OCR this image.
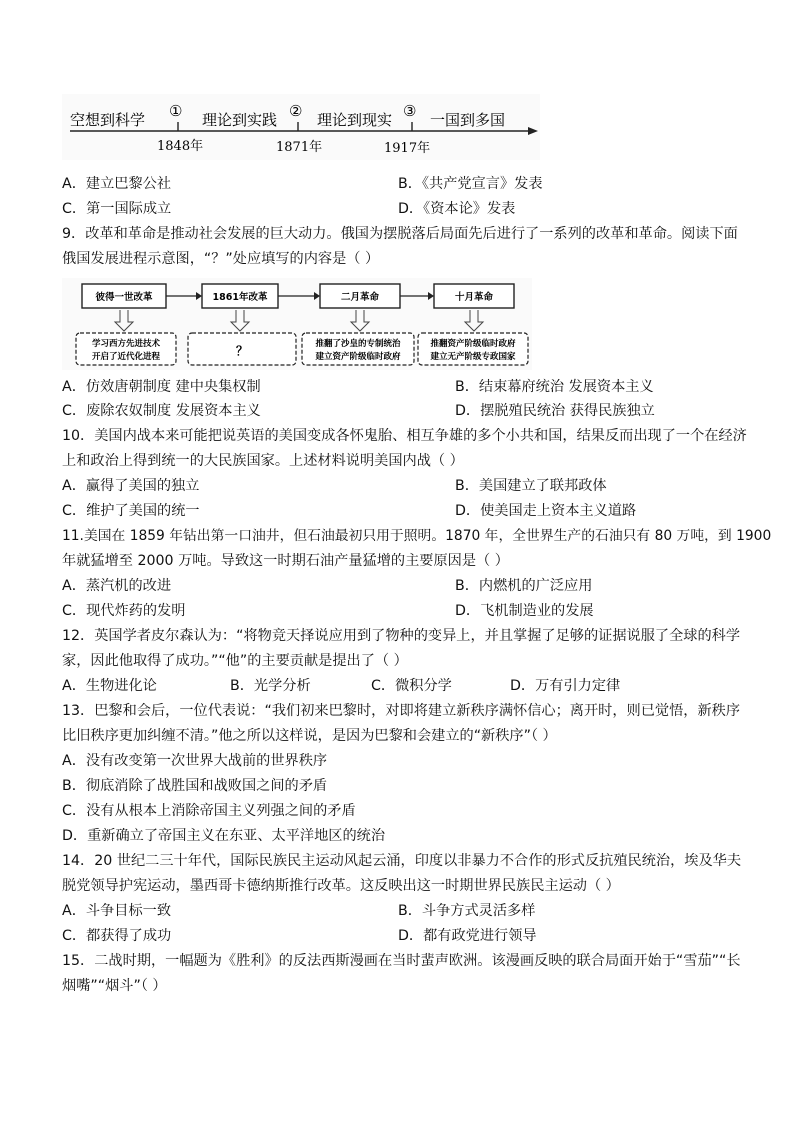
空想到科学	理论到实践	理论到现实	一国到多国
①	②	③
1848年	1871年	1917年
A．建立巴黎公社	B．《共产党宣言》发表
C．第一国际成立	D．《资本论》发表
9．改革和革命是推动社会发展的巨大动力。俄国为摆脱落后局面先后进行了一系列的改革和革命。阅读下面
俄国发展进程示意图，“？”处应填写的内容是（ ）
彼得一世改革	1861年改革	二月革命	十月革命
学习西方先进技术
开启了近代化进程	？	推翻了沙皇的专制统治
建立资产阶级临时政府
推翻资产阶级临时政府
建立无产阶级专政国家
A．仿效唐朝制度 建中央集权制	B．结束幕府统治 发展资本主义
C．废除农奴制度 发展资本主义	D．摆脱殖民统治 获得民族独立
10．美国内战本来可能把说英语的美国变成各怀鬼胎、相互争雄的多个小共和国，结果反而出现了一个在经济
上和政治上得到统一的大民族国家。上述材料说明美国内战（ ）
A．赢得了美国的独立	B．美国建立了联邦政体
C．维护了美国的统一	D．使美国走上资本主义道路
11.美国在 1859 年钻出第一口油井，但石油最初只用于照明。1870 年，全世界生产的石油只有 80 万吨，到 1900
年就猛增至 2000 万吨。导致这一时期石油产量猛增的主要原因是（ ）
A．蒸汽机的改进	B．内燃机的广泛应用
C．现代炸药的发明	D．飞机制造业的发展
12．英国学者皮尔森认为：“将物竞天择说应用到了物种的变异上，并且掌握了足够的证据说服了全球的科学
家，因此他取得了成功。”“他”的主要贡献是提出了（ ）
A．生物进化论	B．光学分析	C．微积分学	D．万有引力定律
13．巴黎和会后，一位代表说：“我们初来巴黎时，对即将建立新秩序满怀信心；离开时，则已觉悟，新秩序
比旧秩序更加纠缠不清。”他之所以这样说，是因为巴黎和会建立的“新秩序”（ ）
A．没有改变第一次世界大战前的世界秩序
B．彻底消除了战胜国和战败国之间的矛盾
C．没有从根本上消除帝国主义列强之间的矛盾
D．重新确立了帝国主义在东亚、太平洋地区的统治
14．20 世纪二三十年代，国际民族民主运动风起云涌，印度以非暴力不合作的形式反抗殖民统治，埃及华夫
脱党领导护宪运动，墨西哥卡德纳斯推行改革。这反映出这一时期世界民族民主运动（ ）
A．斗争目标一致	B．斗争方式灵活多样
C．都获得了成功	D．都有政党进行领导
15．二战时期，一幅题为《胜利》的反法西斯漫画在当时蜚声欧洲。该漫画反映的联合局面开始于“雪茄”“长
烟嘴”“烟斗”（ ）
